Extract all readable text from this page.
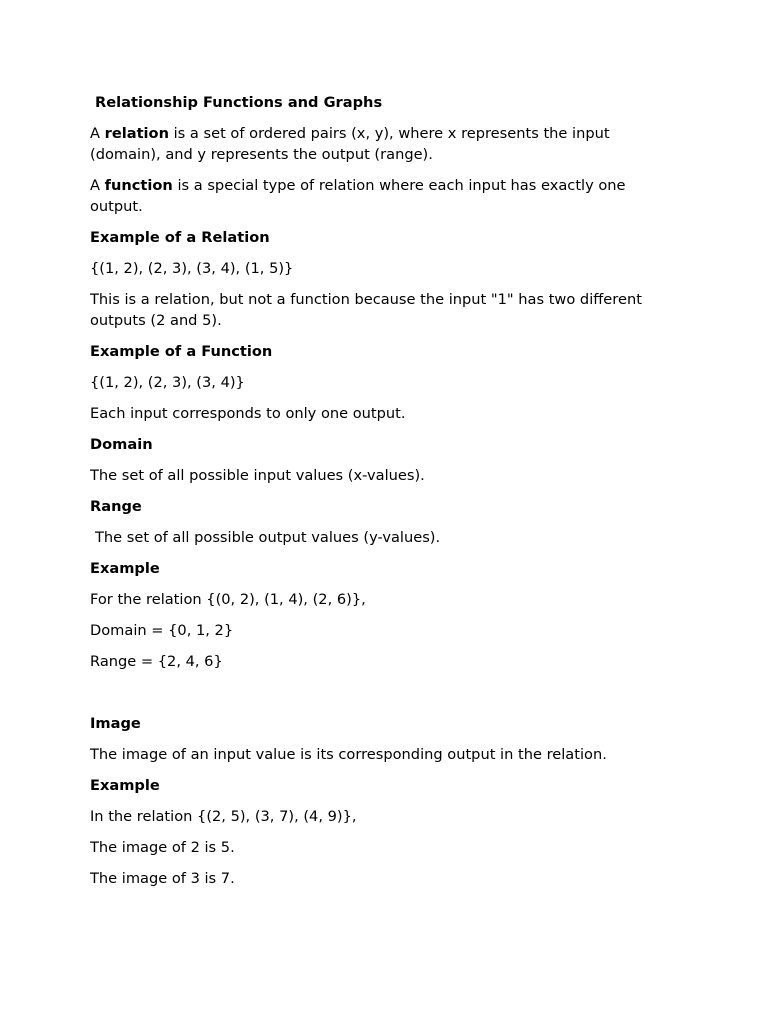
Relationship Functions and Graphs
A relation is a set of ordered pairs (x, y), where x represents the input (domain), and y represents the output (range).
A function is a special type of relation where each input has exactly one output.
Example of a Relation
{(1, 2), (2, 3), (3, 4), (1, 5)}
This is a relation, but not a function because the input "1" has two different outputs (2 and 5).
Example of a Function
{(1, 2), (2, 3), (3, 4)}
Each input corresponds to only one output.
Domain
The set of all possible input values (x-values).
Range
The set of all possible output values (y-values).
Example
For the relation {(0, 2), (1, 4), (2, 6)},
Domain = {0, 1, 2}
Range = {2, 4, 6}
Image
The image of an input value is its corresponding output in the relation.
Example
In the relation {(2, 5), (3, 7), (4, 9)},
The image of 2 is 5.
The image of 3 is 7.
